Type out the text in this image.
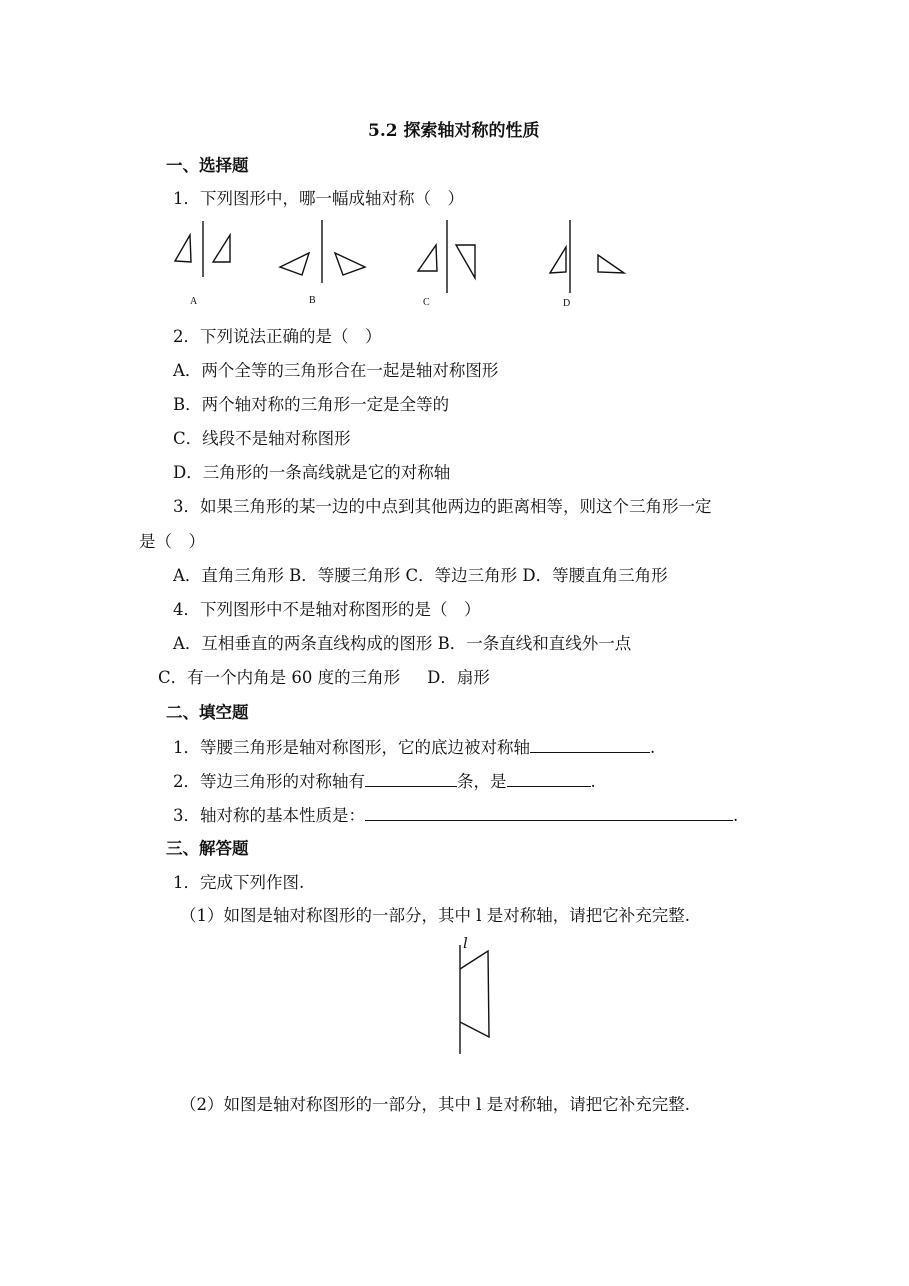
5.2 探索轴对称的性质
一、选择题
1．下列图形中，哪一幅成轴对称（　）
A	B	C	D
2．下列说法正确的是（　）
A．两个全等的三角形合在一起是轴对称图形
B．两个轴对称的三角形一定是全等的
C．线段不是轴对称图形
D．三角形的一条高线就是它的对称轴
3．如果三角形的某一边的中点到其他两边的距离相等，则这个三角形一定
是（　）
A．直角三角形 B．等腰三角形 C．等边三角形 D．等腰直角三角形
4．下列图形中不是轴对称图形的是（　）
A．互相垂直的两条直线构成的图形 B．一条直线和直线外一点
C．有一个内角是 60 度的三角形 　 D．扇形
二、填空题
1．等腰三角形是轴对称图形，它的底边被对称轴	.
2．等边三角形的对称轴有	条，是	.
3．轴对称的基本性质是：	.
三、解答题
1．完成下列作图.
（1）如图是轴对称图形的一部分，其中 l 是对称轴，请把它补充完整.
l
（2）如图是轴对称图形的一部分，其中 l 是对称轴，请把它补充完整.
